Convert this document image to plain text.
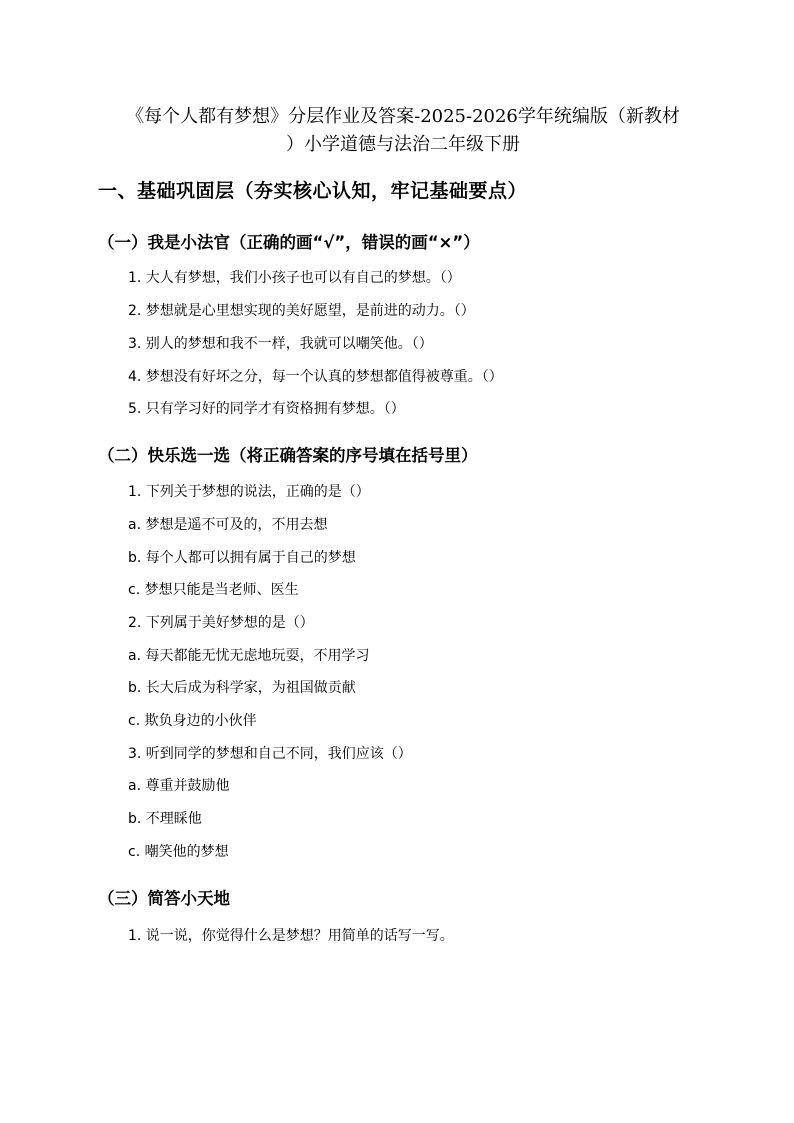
《每个人都有梦想》分层作业及答案-2025-2026学年统编版（新教材
）小学道德与法治二年级下册
一、基础巩固层（夯实核心认知，牢记基础要点）
（一）我是小法官（正确的画“√”，错误的画“×”）
1. 大人有梦想，我们小孩子也可以有自己的梦想。（）
2. 梦想就是心里想实现的美好愿望，是前进的动力。（）
3. 别人的梦想和我不一样，我就可以嘲笑他。（）
4. 梦想没有好坏之分，每一个认真的梦想都值得被尊重。（）
5. 只有学习好的同学才有资格拥有梦想。（）
（二）快乐选一选（将正确答案的序号填在括号里）
1. 下列关于梦想的说法，正确的是（）
a. 梦想是遥不可及的，不用去想
b. 每个人都可以拥有属于自己的梦想
c. 梦想只能是当老师、医生
2. 下列属于美好梦想的是（）
a. 每天都能无忧无虑地玩耍，不用学习
b. 长大后成为科学家，为祖国做贡献
c. 欺负身边的小伙伴
3. 听到同学的梦想和自己不同，我们应该（）
a. 尊重并鼓励他
b. 不理睬他
c. 嘲笑他的梦想
（三）简答小天地
1. 说一说，你觉得什么是梦想？用简单的话写一写。
